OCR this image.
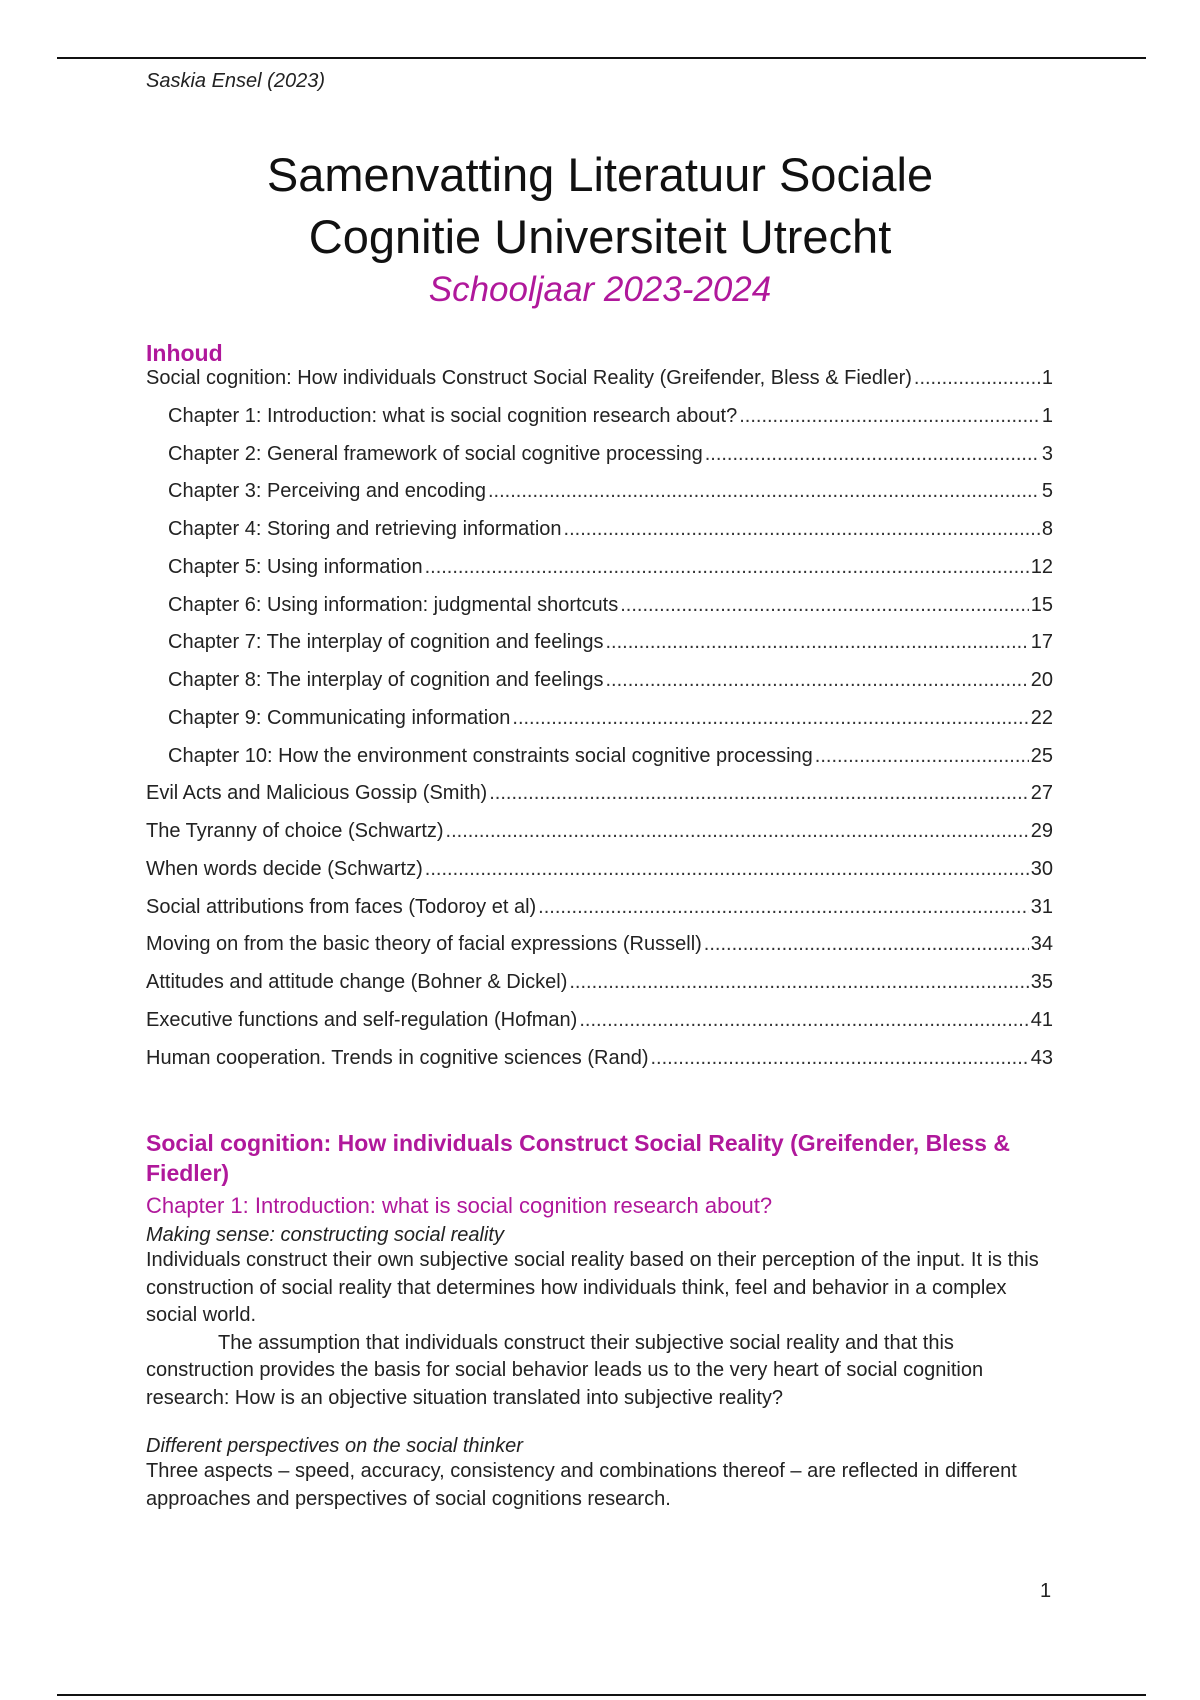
Saskia Ensel (2023)
Samenvatting Literatuur Sociale
Cognitie Universiteit Utrecht
Schooljaar 2023-2024
Inhoud
Social cognition: How individuals Construct Social Reality (Greifender, Bless & Fiedler) .....	1
Chapter 1: Introduction: what is social cognition research about? .....	1
Chapter 2: General framework of social cognitive processing .....	3
Chapter 3: Perceiving and encoding .....	5
Chapter 4: Storing and retrieving information .....	8
Chapter 5: Using information .....	12
Chapter 6: Using information: judgmental shortcuts .....	15
Chapter 7: The interplay of cognition and feelings .....	17
Chapter 8: The interplay of cognition and feelings .....	20
Chapter 9: Communicating information .....	22
Chapter 10: How the environment constraints social cognitive processing .....	25
Evil Acts and Malicious Gossip (Smith) .....	27
The Tyranny of choice (Schwartz) .....	29
When words decide (Schwartz) .....	30
Social attributions from faces (Todoroy et al) .....	31
Moving on from the basic theory of facial expressions (Russell) .....	34
Attitudes and attitude change (Bohner & Dickel) .....	35
Executive functions and self-regulation (Hofman) .....	41
Human cooperation. Trends in cognitive sciences (Rand) .....	43
Social cognition: How individuals Construct Social Reality (Greifender, Bless & Fiedler)
Chapter 1: Introduction: what is social cognition research about?
Making sense: constructing social reality

Individuals construct their own subjective social reality based on their perception of the input. It is this construction of social reality that determines how individuals think, feel and behavior in a complex social world.

The assumption that individuals construct their subjective social reality and that this construction provides the basis for social behavior leads us to the very heart of social cognition research: How is an objective situation translated into subjective reality?

Different perspectives on the social thinker

Three aspects – speed, accuracy, consistency and combinations thereof – are reflected in different approaches and perspectives of social cognitions research.

1
